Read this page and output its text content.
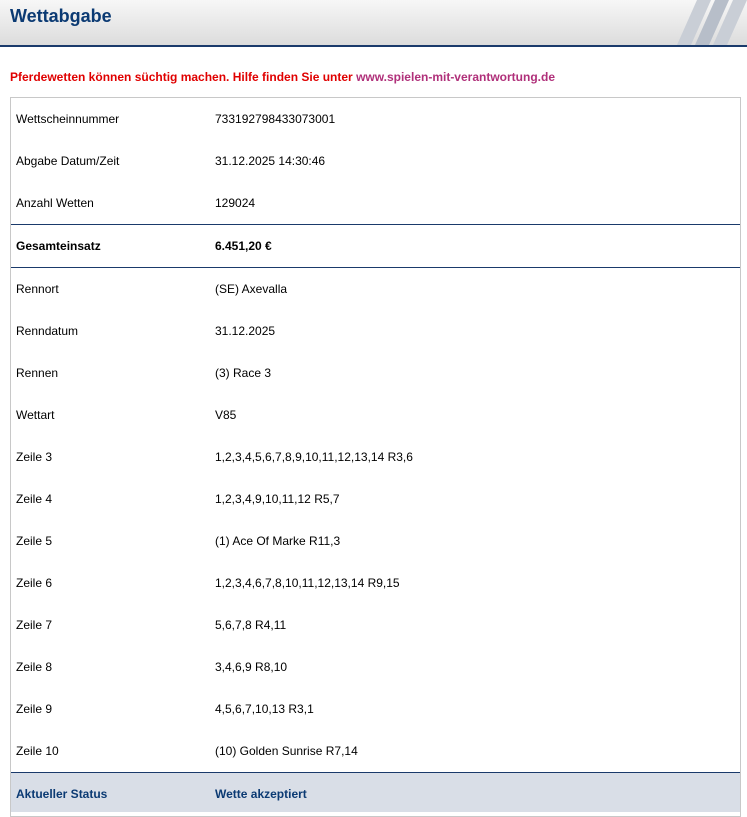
Wettabgabe
Pferdewetten können süchtig machen. Hilfe finden Sie unter www.spielen-mit-verantwortung.de
Wettscheinnummer	733192798433073001
Abgabe Datum/Zeit	31.12.2025 14:30:46
Anzahl Wetten	129024
Gesamteinsatz	6.451,20 €
Rennort	(SE) Axevalla
Renndatum	31.12.2025
Rennen	(3) Race 3
Wettart	V85
Zeile 3	1,2,3,4,5,6,7,8,9,10,11,12,13,14 R3,6
Zeile 4	1,2,3,4,9,10,11,12 R5,7
Zeile 5	(1) Ace Of Marke R11,3
Zeile 6	1,2,3,4,6,7,8,10,11,12,13,14 R9,15
Zeile 7	5,6,7,8 R4,11
Zeile 8	3,4,6,9 R8,10
Zeile 9	4,5,6,7,10,13 R3,1
Zeile 10	(10) Golden Sunrise R7,14
Aktueller Status	Wette akzeptiert
